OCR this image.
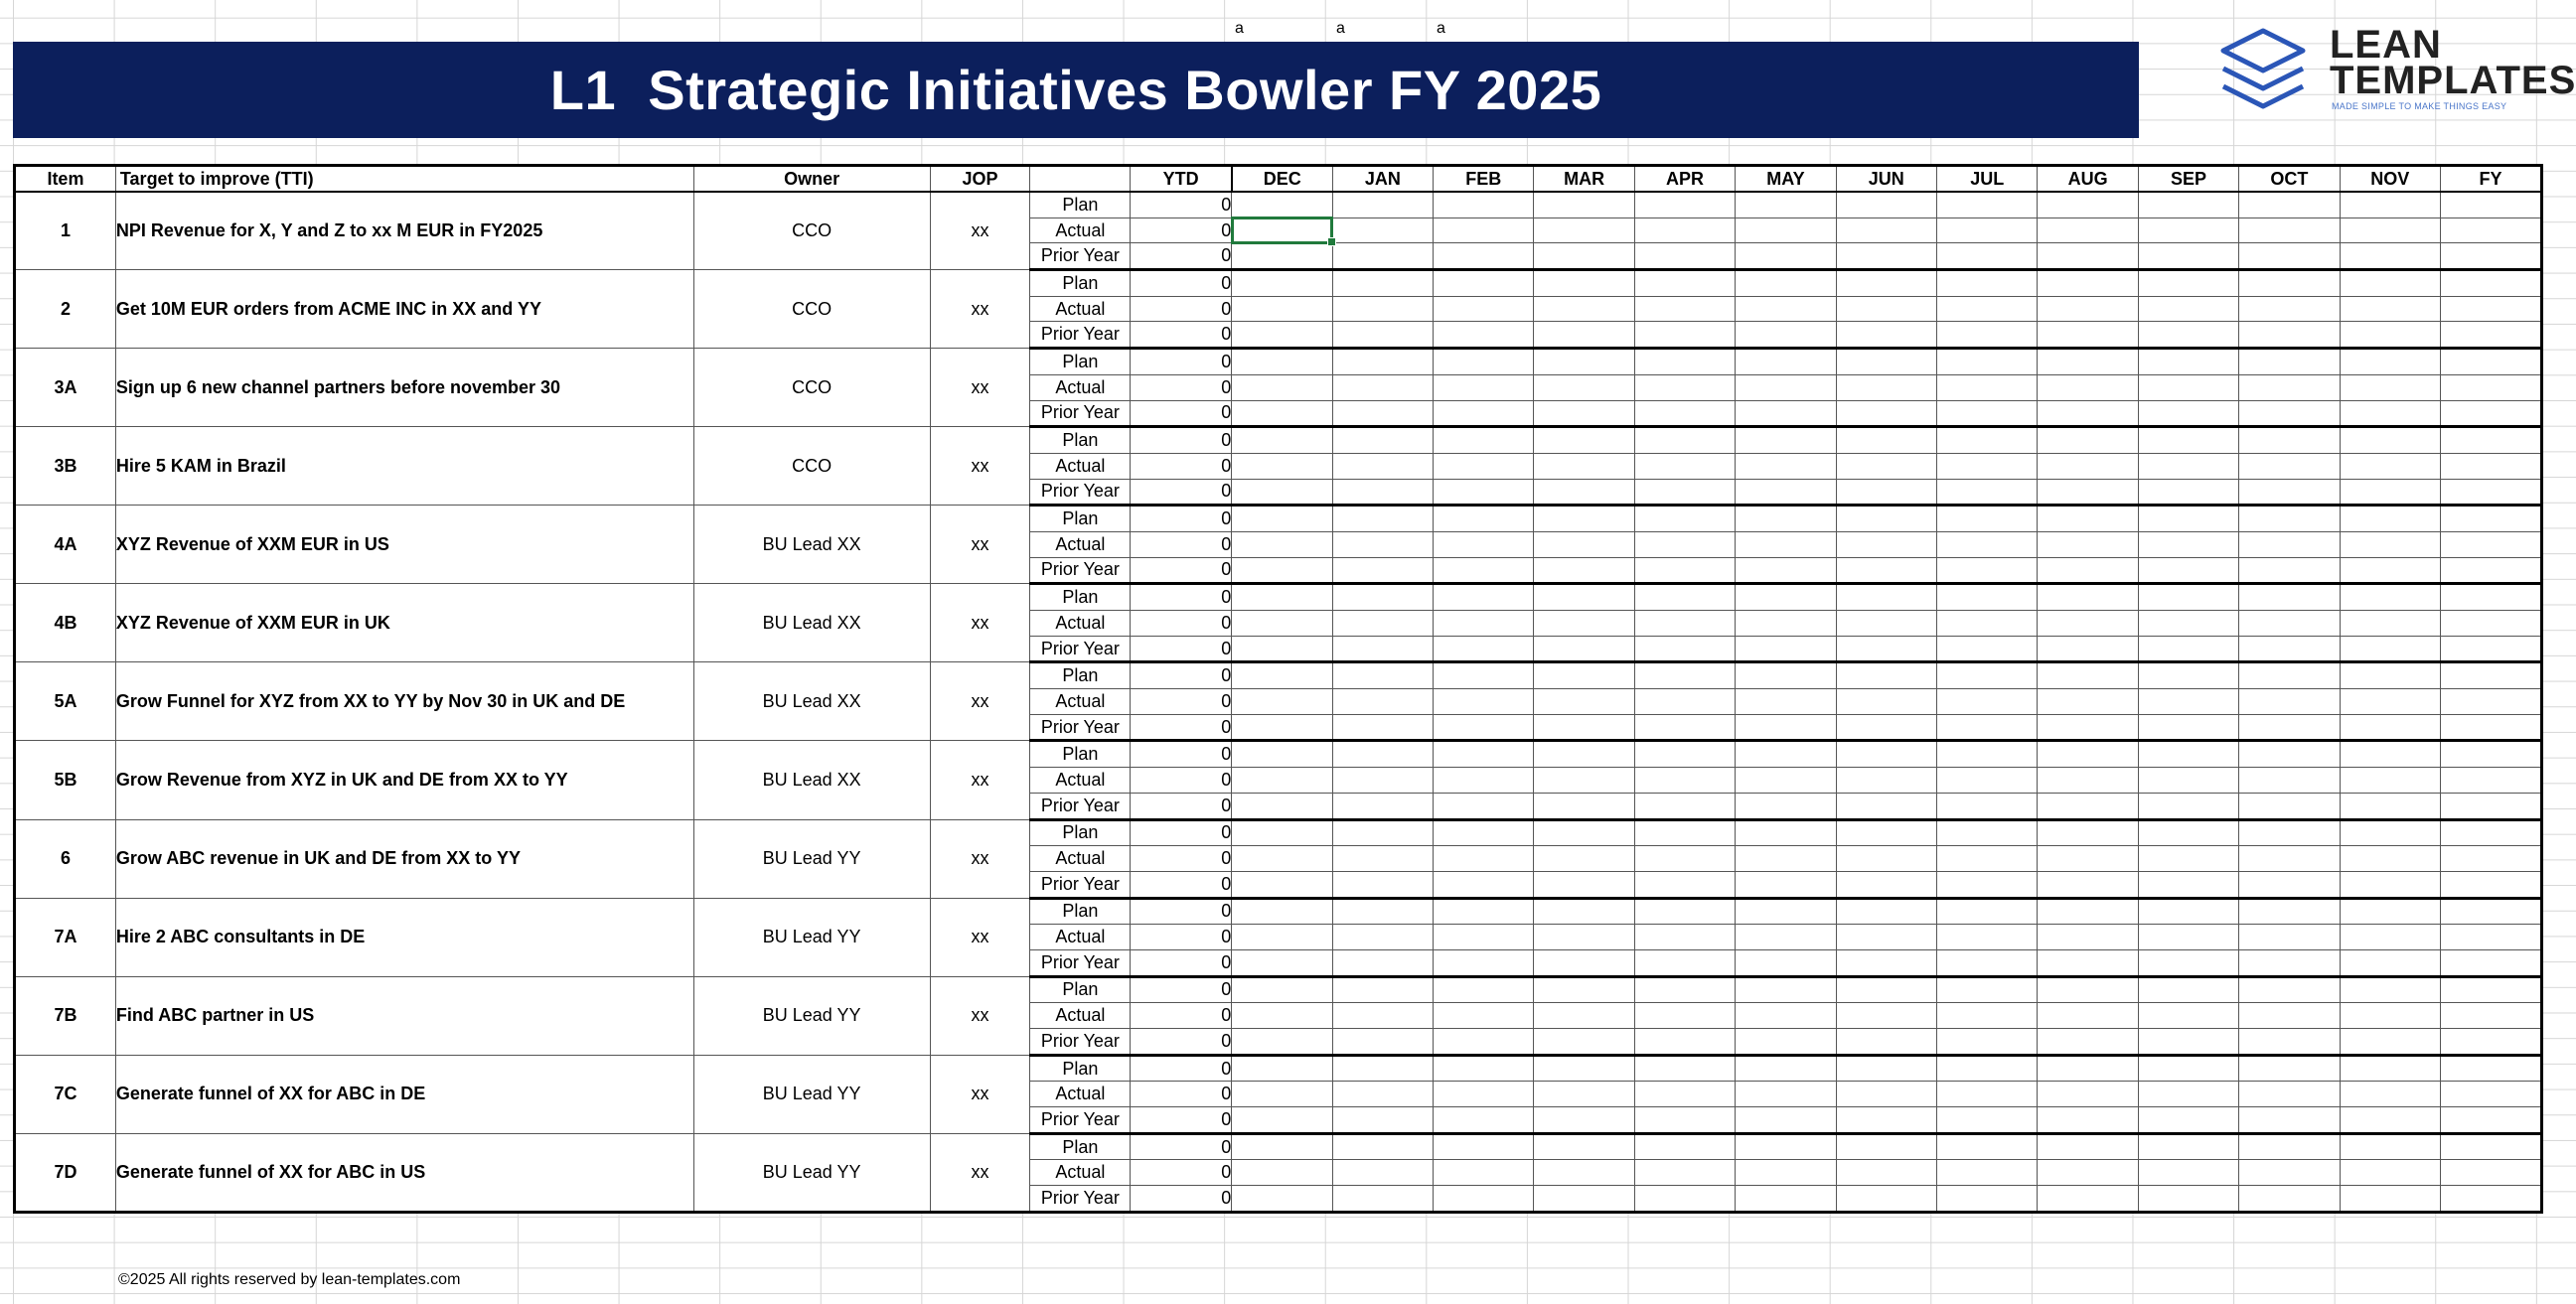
a	a	a
L1  Strategic Initiatives Bowler FY 2025
LEAN
TEMPLATES
MADE SIMPLE TO MAKE THINGS EASY
Item	Target to improve (TTI)	Owner	JOP		YTD	DEC	JAN	FEB	MAR	APR	MAY	JUN	JUL	AUG	SEP	OCT	NOV	FY
1	NPI Revenue for X, Y and Z to xx M EUR in FY2025	CCO	xx	Plan	0													
				Actual	0													
				Prior Year	0													
2	Get 10M EUR orders from ACME INC in XX and YY	CCO	xx	Plan	0													
				Actual	0													
				Prior Year	0													
3A	Sign up 6 new channel partners before november 30	CCO	xx	Plan	0													
				Actual	0													
				Prior Year	0													
3B	Hire 5 KAM in Brazil	CCO	xx	Plan	0													
				Actual	0													
				Prior Year	0													
4A	XYZ Revenue of XXM EUR in US	BU Lead XX	xx	Plan	0													
				Actual	0													
				Prior Year	0													
4B	XYZ Revenue of XXM EUR in UK	BU Lead XX	xx	Plan	0													
				Actual	0													
				Prior Year	0													
5A	Grow Funnel for XYZ from XX to YY by Nov 30 in UK and DE	BU Lead XX	xx	Plan	0													
				Actual	0													
				Prior Year	0													
5B	Grow Revenue from XYZ in UK and DE from XX to YY	BU Lead XX	xx	Plan	0													
				Actual	0													
				Prior Year	0													
6	Grow ABC revenue in UK and DE from XX to YY	BU Lead YY	xx	Plan	0													
				Actual	0													
				Prior Year	0													
7A	Hire 2 ABC consultants in DE	BU Lead YY	xx	Plan	0													
				Actual	0													
				Prior Year	0													
7B	Find ABC partner in US	BU Lead YY	xx	Plan	0													
				Actual	0													
				Prior Year	0													
7C	Generate funnel of XX for ABC in DE	BU Lead YY	xx	Plan	0													
				Actual	0													
				Prior Year	0													
7D	Generate funnel of XX for ABC in US	BU Lead YY	xx	Plan	0													
				Actual	0													
				Prior Year	0													
©2025 All rights reserved by lean-templates.com
